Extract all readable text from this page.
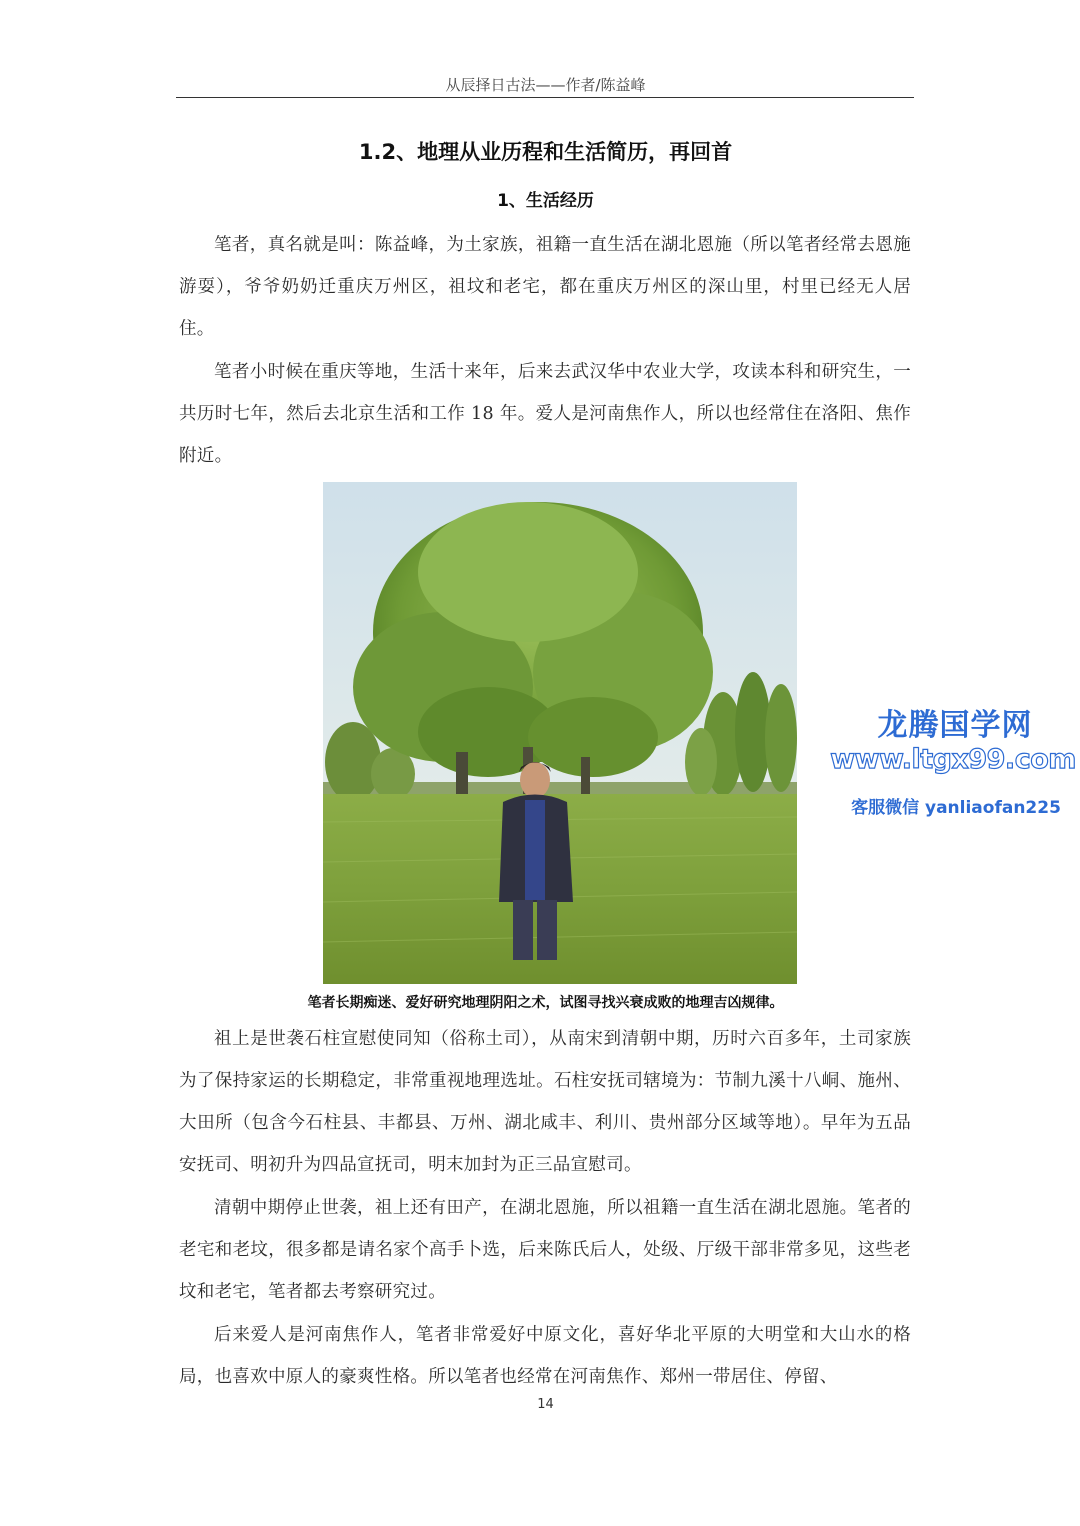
从辰择日古法——作者/陈益峰
1.2、地理从业历程和生活简历，再回首
1、生活经历

笔者，真名就是叫：陈益峰，为土家族，祖籍一直生活在湖北恩施（所以笔者经常去恩施游耍），爷爷奶奶迁重庆万州区，祖坟和老宅，都在重庆万州区的深山里，村里已经无人居住。

笔者小时候在重庆等地，生活十来年，后来去武汉华中农业大学，攻读本科和研究生，一共历时七年，然后去北京生活和工作 18 年。爱人是河南焦作人，所以也经常住在洛阳、焦作附近。

笔者长期痴迷、爱好研究地理阴阳之术，试图寻找兴衰成败的地理吉凶规律。

祖上是世袭石柱宣慰使同知（俗称土司），从南宋到清朝中期，历时六百多年，土司家族为了保持家运的长期稳定，非常重视地理选址。石柱安抚司辖境为：节制九溪十八峒、施州、大田所（包含今石柱县、丰都县、万州、湖北咸丰、利川、贵州部分区域等地）。早年为五品安抚司、明初升为四品宣抚司，明末加封为正三品宣慰司。

清朝中期停止世袭，祖上还有田产，在湖北恩施，所以祖籍一直生活在湖北恩施。笔者的老宅和老坟，很多都是请名家个高手卜选，后来陈氏后人，处级、厅级干部非常多见，这些老坟和老宅，笔者都去考察研究过。

后来爱人是河南焦作人，笔者非常爱好中原文化，喜好华北平原的大明堂和大山水的格局，也喜欢中原人的豪爽性格。所以笔者也经常在河南焦作、郑州一带居住、停留、

14
龙腾国学网
www.ltgx99.com
客服微信 yanliaofan225
